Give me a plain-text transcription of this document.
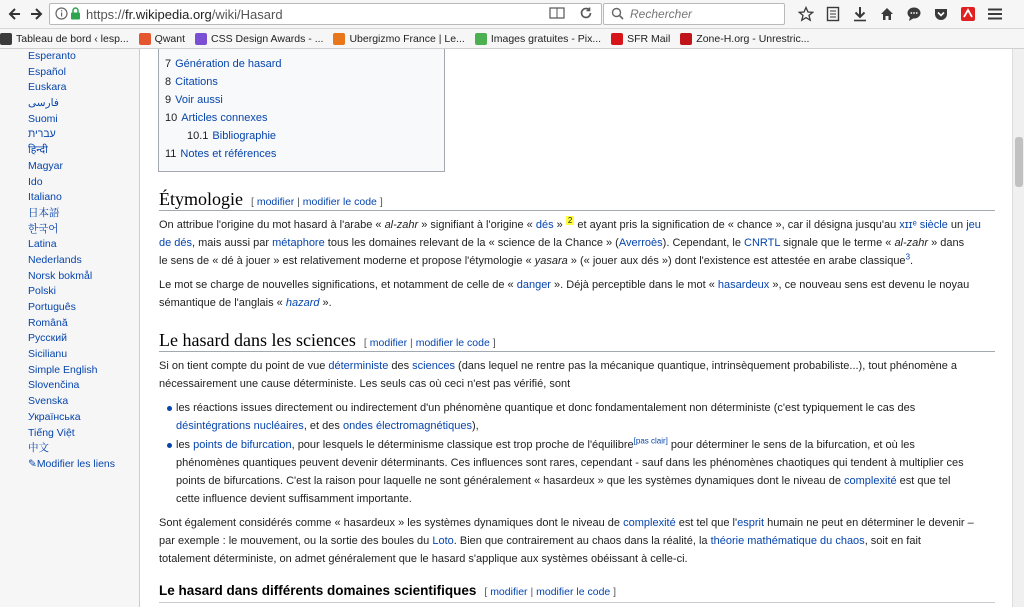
https://fr.wikipedia.org/wiki/Hasard
Rechercher
Tableau de bord ‹ lesp... Qwant CSS Design Awards - ... Ubergizmo France | Le... Images gratuites - Pix... SFR Mail Zone-H.org - Unrestric...
Esperanto
Español
Euskara
فارسی
Suomi
עברית
हिन्दी
Magyar
Ido
Italiano
日本語
한국어
Latina
Nederlands
Norsk bokmål
Polski
Português
Română
Русский
Sicilianu
Simple English
Slovenčina
Svenska
Українська
Tiếng Việt
中文
✎Modifier les liens
7 Génération de hasard
8 Citations
9 Voir aussi
10 Articles connexes
10.1 Bibliographie
11 Notes et références
Étymologie [ modifier | modifier le code ]
On attribue l'origine du mot hasard à l'arabe « al-zahr » signifiant à l'origine « dés » $^2$ et ayant pris la signification de « chance », car il désigna jusqu'au xɪɪᵉ siècle un jeu
de dés, mais aussi par métaphore tous les domaines relevant de la « science de la Chance » (Averroès). Cependant, le CNRTL signale que le terme « al-zahr » dans
le sens de « dé à jouer » est relativement moderne et propose l'étymologie « yasara » (« jouer aux dés ») dont l'existence est attestée en arabe classique$^3$.
Le mot se charge de nouvelles significations, et notamment de celle de « danger ». Déjà perceptible dans le mot « hasardeux », ce nouveau sens est devenu le noyau
sémantique de l'anglais « hazard ».
Le hasard dans les sciences [ modifier | modifier le code ]
Si on tient compte du point de vue déterministe des sciences (dans lequel ne rentre pas la mécanique quantique, intrinsèquement probabiliste...), tout phénomène a
nécessairement une cause déterministe. Les seuls cas où ceci n'est pas vérifié, sont
les réactions issues directement ou indirectement d'un phénomène quantique et donc fondamentalement non déterministe (c'est typiquement le cas des
désintégrations nucléaires, et des ondes électromagnétiques),
les points de bifurcation, pour lesquels le déterminisme classique est trop proche de l'équilibre[pas clair] pour déterminer le sens de la bifurcation, et où les
phénomènes quantiques peuvent devenir déterminants. Ces influences sont rares, cependant - sauf dans les phénomènes chaotiques qui tendent à multiplier ces
points de bifurcations. C'est la raison pour laquelle ne sont généralement « hasardeux » que les systèmes dynamiques dont le niveau de complexité est que tel
cette influence devient suffisamment importante.
Sont également considérés comme « hasardeux » les systèmes dynamiques dont le niveau de complexité est tel que l'esprit humain ne peut en déterminer le devenir –
par exemple : le mouvement, ou la sortie des boules du Loto. Bien que contrairement au chaos dans la réalité, la théorie mathématique du chaos, soit en fait
totalement déterministe, on admet généralement que le hasard s'applique aux systèmes obéissant à celle-ci.
Le hasard dans différents domaines scientifiques [ modifier | modifier le code ]
